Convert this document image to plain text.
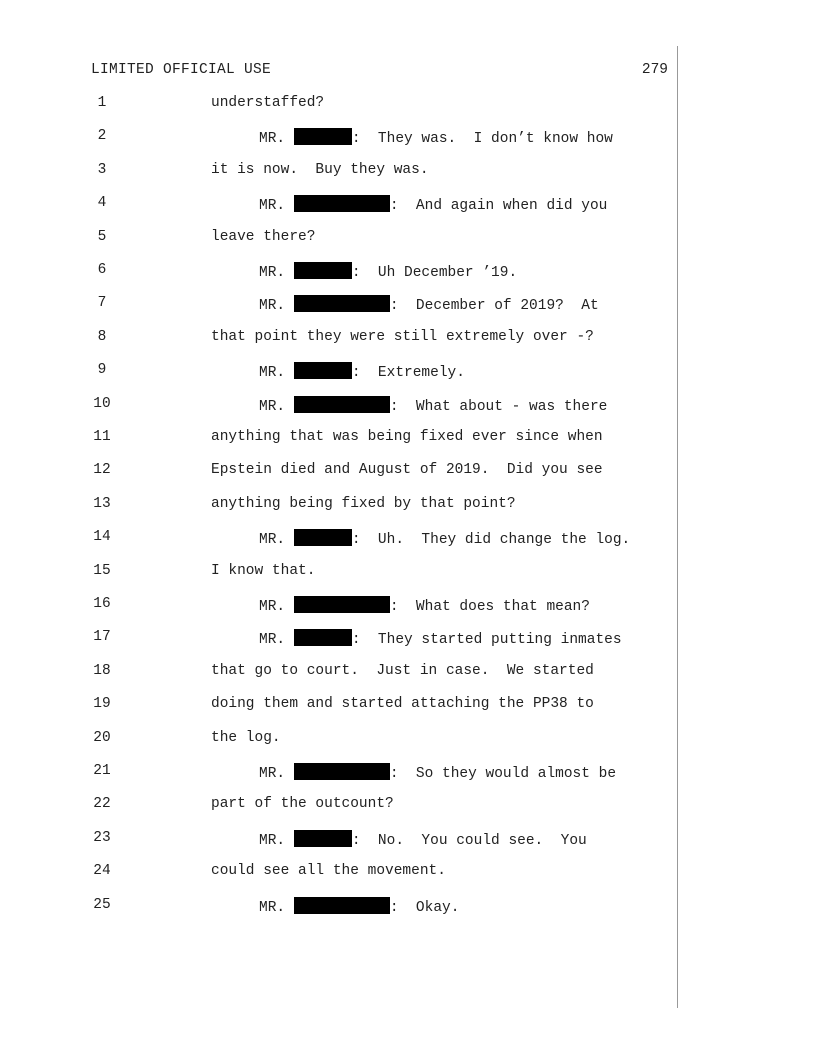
LIMITED OFFICIAL USE	279
1	understaffed?
2	MR.	:  They was.  I don’t know how
3	it is now.  Buy they was.
4	MR.	:  And again when did you
5	leave there?
6	MR.	:  Uh December ’19.
7	MR.	:  December of 2019?  At
8	that point they were still extremely over -?
9	MR.	:  Extremely.
10	MR.	:  What about - was there
11	anything that was being fixed ever since when
12	Epstein died and August of 2019.  Did you see
13	anything being fixed by that point?
14	MR.	:  Uh.  They did change the log.
15	I know that.
16	MR.	:  What does that mean?
17	MR.	:  They started putting inmates
18	that go to court.  Just in case.  We started
19	doing them and started attaching the PP38 to
20	the log.
21	MR.	:  So they would almost be
22	part of the outcount?
23	MR.	:  No.  You could see.  You
24	could see all the movement.
25	MR.	:  Okay.
